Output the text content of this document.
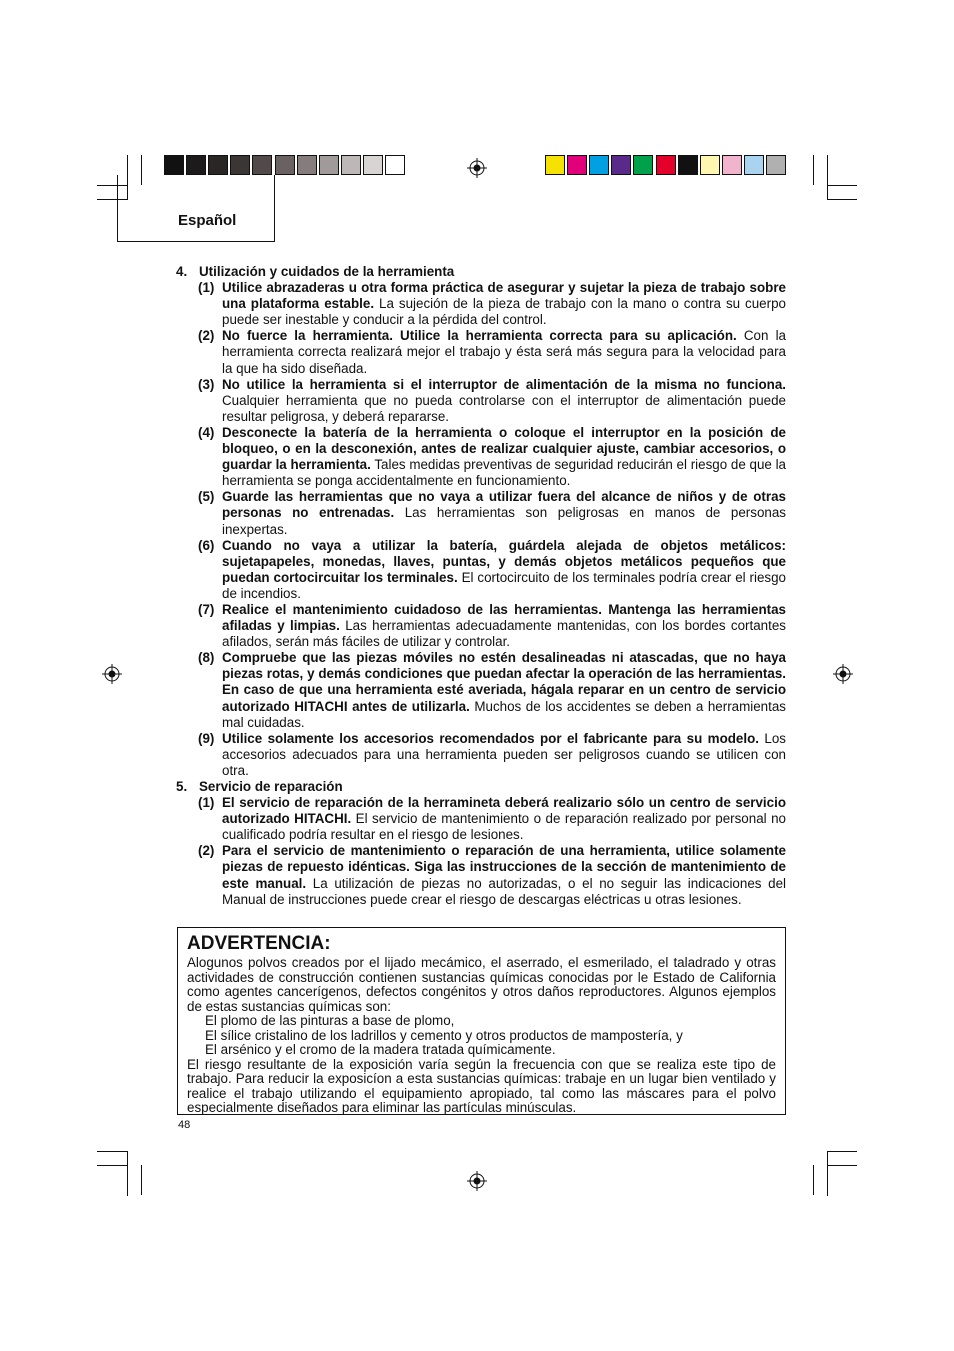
Español
4. Utilización y cuidados de la herramienta
(1) Utilice abrazaderas u otra forma práctica de asegurar y sujetar la pieza de trabajo sobre una plataforma estable. La sujeción de la pieza de trabajo con la mano o contra su cuerpo puede ser inestable y conducir a la pérdida del control.
(2) No fuerce la herramienta. Utilice la herramienta correcta para su aplicación. Con la herramienta correcta realizará mejor el trabajo y ésta será más segura para la velocidad para la que ha sido diseñada.
(3) No utilice la herramienta si el interruptor de alimentación de la misma no funciona. Cualquier herramienta que no pueda controlarse con el interruptor de alimentación puede resultar peligrosa, y deberá repararse.
(4) Desconecte la batería de la herramienta o coloque el interruptor en la posición de bloqueo, o en la desconexión, antes de realizar cualquier ajuste, cambiar accesorios, o guardar la herramienta. Tales medidas preventivas de seguridad reducirán el riesgo de que la herramienta se ponga accidentalmente en funcionamiento.
(5) Guarde las herramientas que no vaya a utilizar fuera del alcance de niños y de otras personas no entrenadas. Las herramientas son peligrosas en manos de personas inexpertas.
(6) Cuando no vaya a utilizar la batería, guárdela alejada de objetos metálicos: sujetapapeles, monedas, llaves, puntas, y demás objetos metálicos pequeños que puedan cortocircuitar los terminales. El cortocircuito de los terminales podría crear el riesgo de incendios.
(7) Realice el mantenimiento cuidadoso de las herramientas. Mantenga las herramientas afiladas y limpias. Las herramientas adecuadamente mantenidas, con los bordes cortantes afilados, serán más fáciles de utilizar y controlar.
(8) Compruebe que las piezas móviles no estén desalineadas ni atascadas, que no haya piezas rotas, y demás condiciones que puedan afectar la operación de las herramientas. En caso de que una herramienta esté averiada, hágala reparar en un centro de servicio autorizado HITACHI antes de utilizarla. Muchos de los accidentes se deben a herramientas mal cuidadas.
(9) Utilice solamente los accesorios recomendados por el fabricante para su modelo. Los accesorios adecuados para una herramienta pueden ser peligrosos cuando se utilicen con otra.
5. Servicio de reparación
(1) El servicio de reparación de la herramineta deberá realizario sólo un centro de servicio autorizado HITACHI. El servicio de mantenimiento o de reparación realizado por personal no cualificado podría resultar en el riesgo de lesiones.
(2) Para el servicio de mantenimiento o reparación de una herramienta, utilice solamente piezas de repuesto idénticas. Siga las instrucciones de la sección de mantenimiento de este manual. La utilización de piezas no autorizadas, o el no seguir las indicaciones del Manual de instrucciones puede crear el riesgo de descargas eléctricas u otras lesiones.
ADVERTENCIA:

Alogunos polvos creados por el lijado mecámico, el aserrado, el esmerilado, el taladrado y otras actividades de construcción contienen sustancias químicas conocidas por le Estado de California como agentes cancerígenos, defectos congénitos y otros daños reproductores. Algunos ejemplos de estas sustancias químicas son:

El plomo de las pinturas a base de plomo,

El sílice cristalino de los ladrillos y cemento y otros productos de mampostería, y

El arsénico y el cromo de la madera tratada químicamente.

El riesgo resultante de la exposición varía según la frecuencia con que se realiza este tipo de trabajo. Para reducir la exposicíon a esta sustancias químicas: trabaje en un lugar bien ventilado y realice el trabajo utilizando el equipamiento apropiado, tal como las máscares para el polvo especialmente diseñados para eliminar las partículas minúsculas.

48
